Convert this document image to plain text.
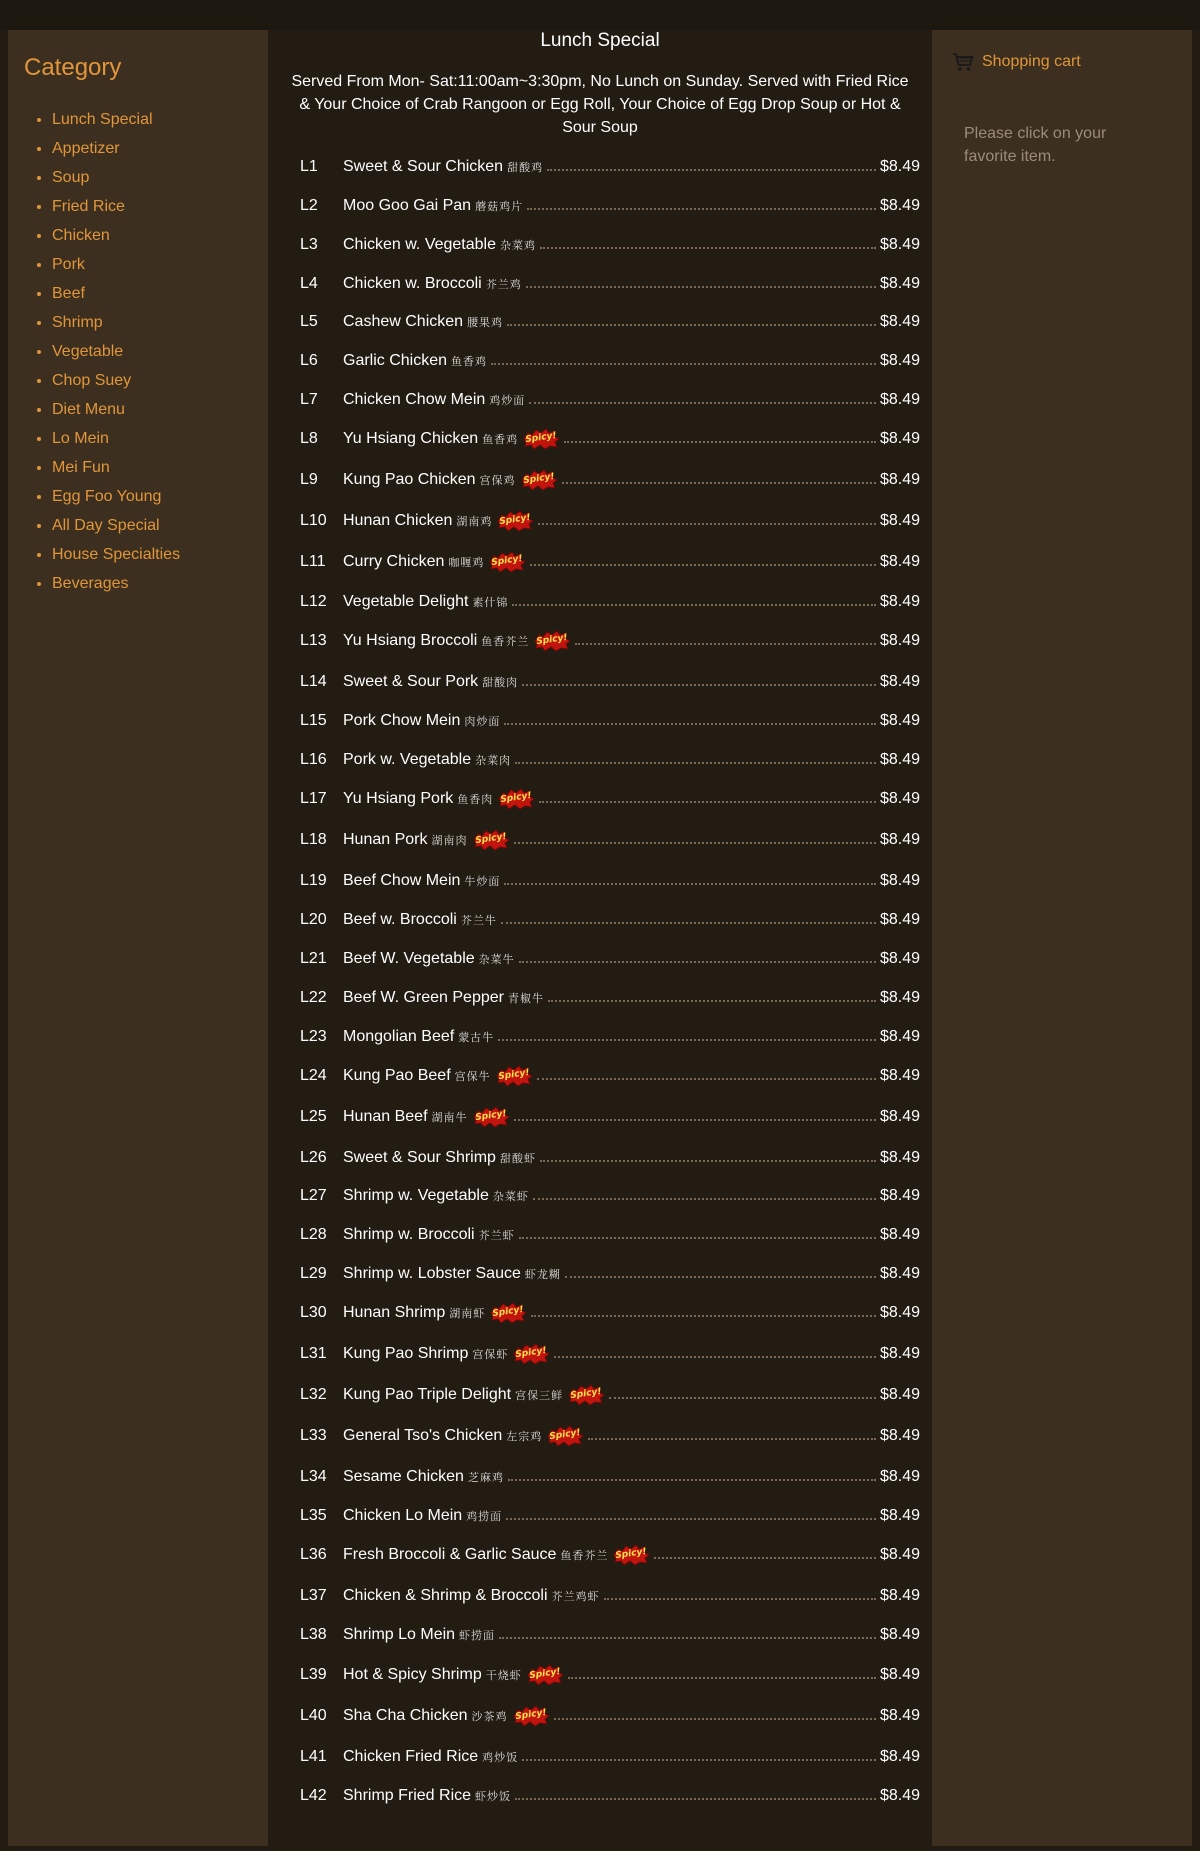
Category
• Lunch Special
• Appetizer
• Soup
• Fried Rice
• Chicken
• Pork
• Beef
• Shrimp
• Vegetable
• Chop Suey
• Diet Menu
• Lo Mein
• Mei Fun
• Egg Foo Young
• All Day Special
• House Specialties
• Beverages
Lunch Special
Served From Mon- Sat:11:00am~3:30pm, No Lunch on Sunday. Served with Fried Rice & Your Choice of Crab Rangoon or Egg Roll, Your Choice of Egg Drop Soup or Hot & Sour Soup
L1	Sweet & Sour Chicken 甜酸鸡	$8.49
L2	Moo Goo Gai Pan 蘑菇鸡片	$8.49
L3	Chicken w. Vegetable 杂菜鸡	$8.49
L4	Chicken w. Broccoli 芥兰鸡	$8.49
L5	Cashew Chicken 腰果鸡	$8.49
L6	Garlic Chicken 鱼香鸡	$8.49
L7	Chicken Chow Mein 鸡炒面	$8.49
L8	Yu Hsiang Chicken 鱼香鸡 Spicy!	$8.49
L9	Kung Pao Chicken 宫保鸡 Spicy!	$8.49
L10	Hunan Chicken 湖南鸡 Spicy!	$8.49
L11	Curry Chicken 咖喱鸡 Spicy!	$8.49
L12	Vegetable Delight 素什锦	$8.49
L13	Yu Hsiang Broccoli 鱼香芥兰 Spicy!	$8.49
L14	Sweet & Sour Pork 甜酸肉	$8.49
L15	Pork Chow Mein 肉炒面	$8.49
L16	Pork w. Vegetable 杂菜肉	$8.49
L17	Yu Hsiang Pork 鱼香肉 Spicy!	$8.49
L18	Hunan Pork 湖南肉 Spicy!	$8.49
L19	Beef Chow Mein 牛炒面	$8.49
L20	Beef w. Broccoli 芥兰牛	$8.49
L21	Beef W. Vegetable 杂菜牛	$8.49
L22	Beef W. Green Pepper 青椒牛	$8.49
L23	Mongolian Beef 蒙古牛	$8.49
L24	Kung Pao Beef 宫保牛 Spicy!	$8.49
L25	Hunan Beef 湖南牛 Spicy!	$8.49
L26	Sweet & Sour Shrimp 甜酸虾	$8.49
L27	Shrimp w. Vegetable 杂菜虾	$8.49
L28	Shrimp w. Broccoli 芥兰虾	$8.49
L29	Shrimp w. Lobster Sauce 虾龙糊	$8.49
L30	Hunan Shrimp 湖南虾 Spicy!	$8.49
L31	Kung Pao Shrimp 宫保虾 Spicy!	$8.49
L32	Kung Pao Triple Delight 宫保三鲜 Spicy!	$8.49
L33	General Tso's Chicken 左宗鸡 Spicy!	$8.49
L34	Sesame Chicken 芝麻鸡	$8.49
L35	Chicken Lo Mein 鸡捞面	$8.49
L36	Fresh Broccoli & Garlic Sauce 鱼香芥兰 Spicy!	$8.49
L37	Chicken & Shrimp & Broccoli 芥兰鸡虾	$8.49
L38	Shrimp Lo Mein 虾捞面	$8.49
L39	Hot & Spicy Shrimp 干烧虾 Spicy!	$8.49
L40	Sha Cha Chicken 沙茶鸡 Spicy!	$8.49
L41	Chicken Fried Rice 鸡炒饭	$8.49
L42	Shrimp Fried Rice 虾炒饭	$8.49
Shopping cart
Please click on your favorite item.
